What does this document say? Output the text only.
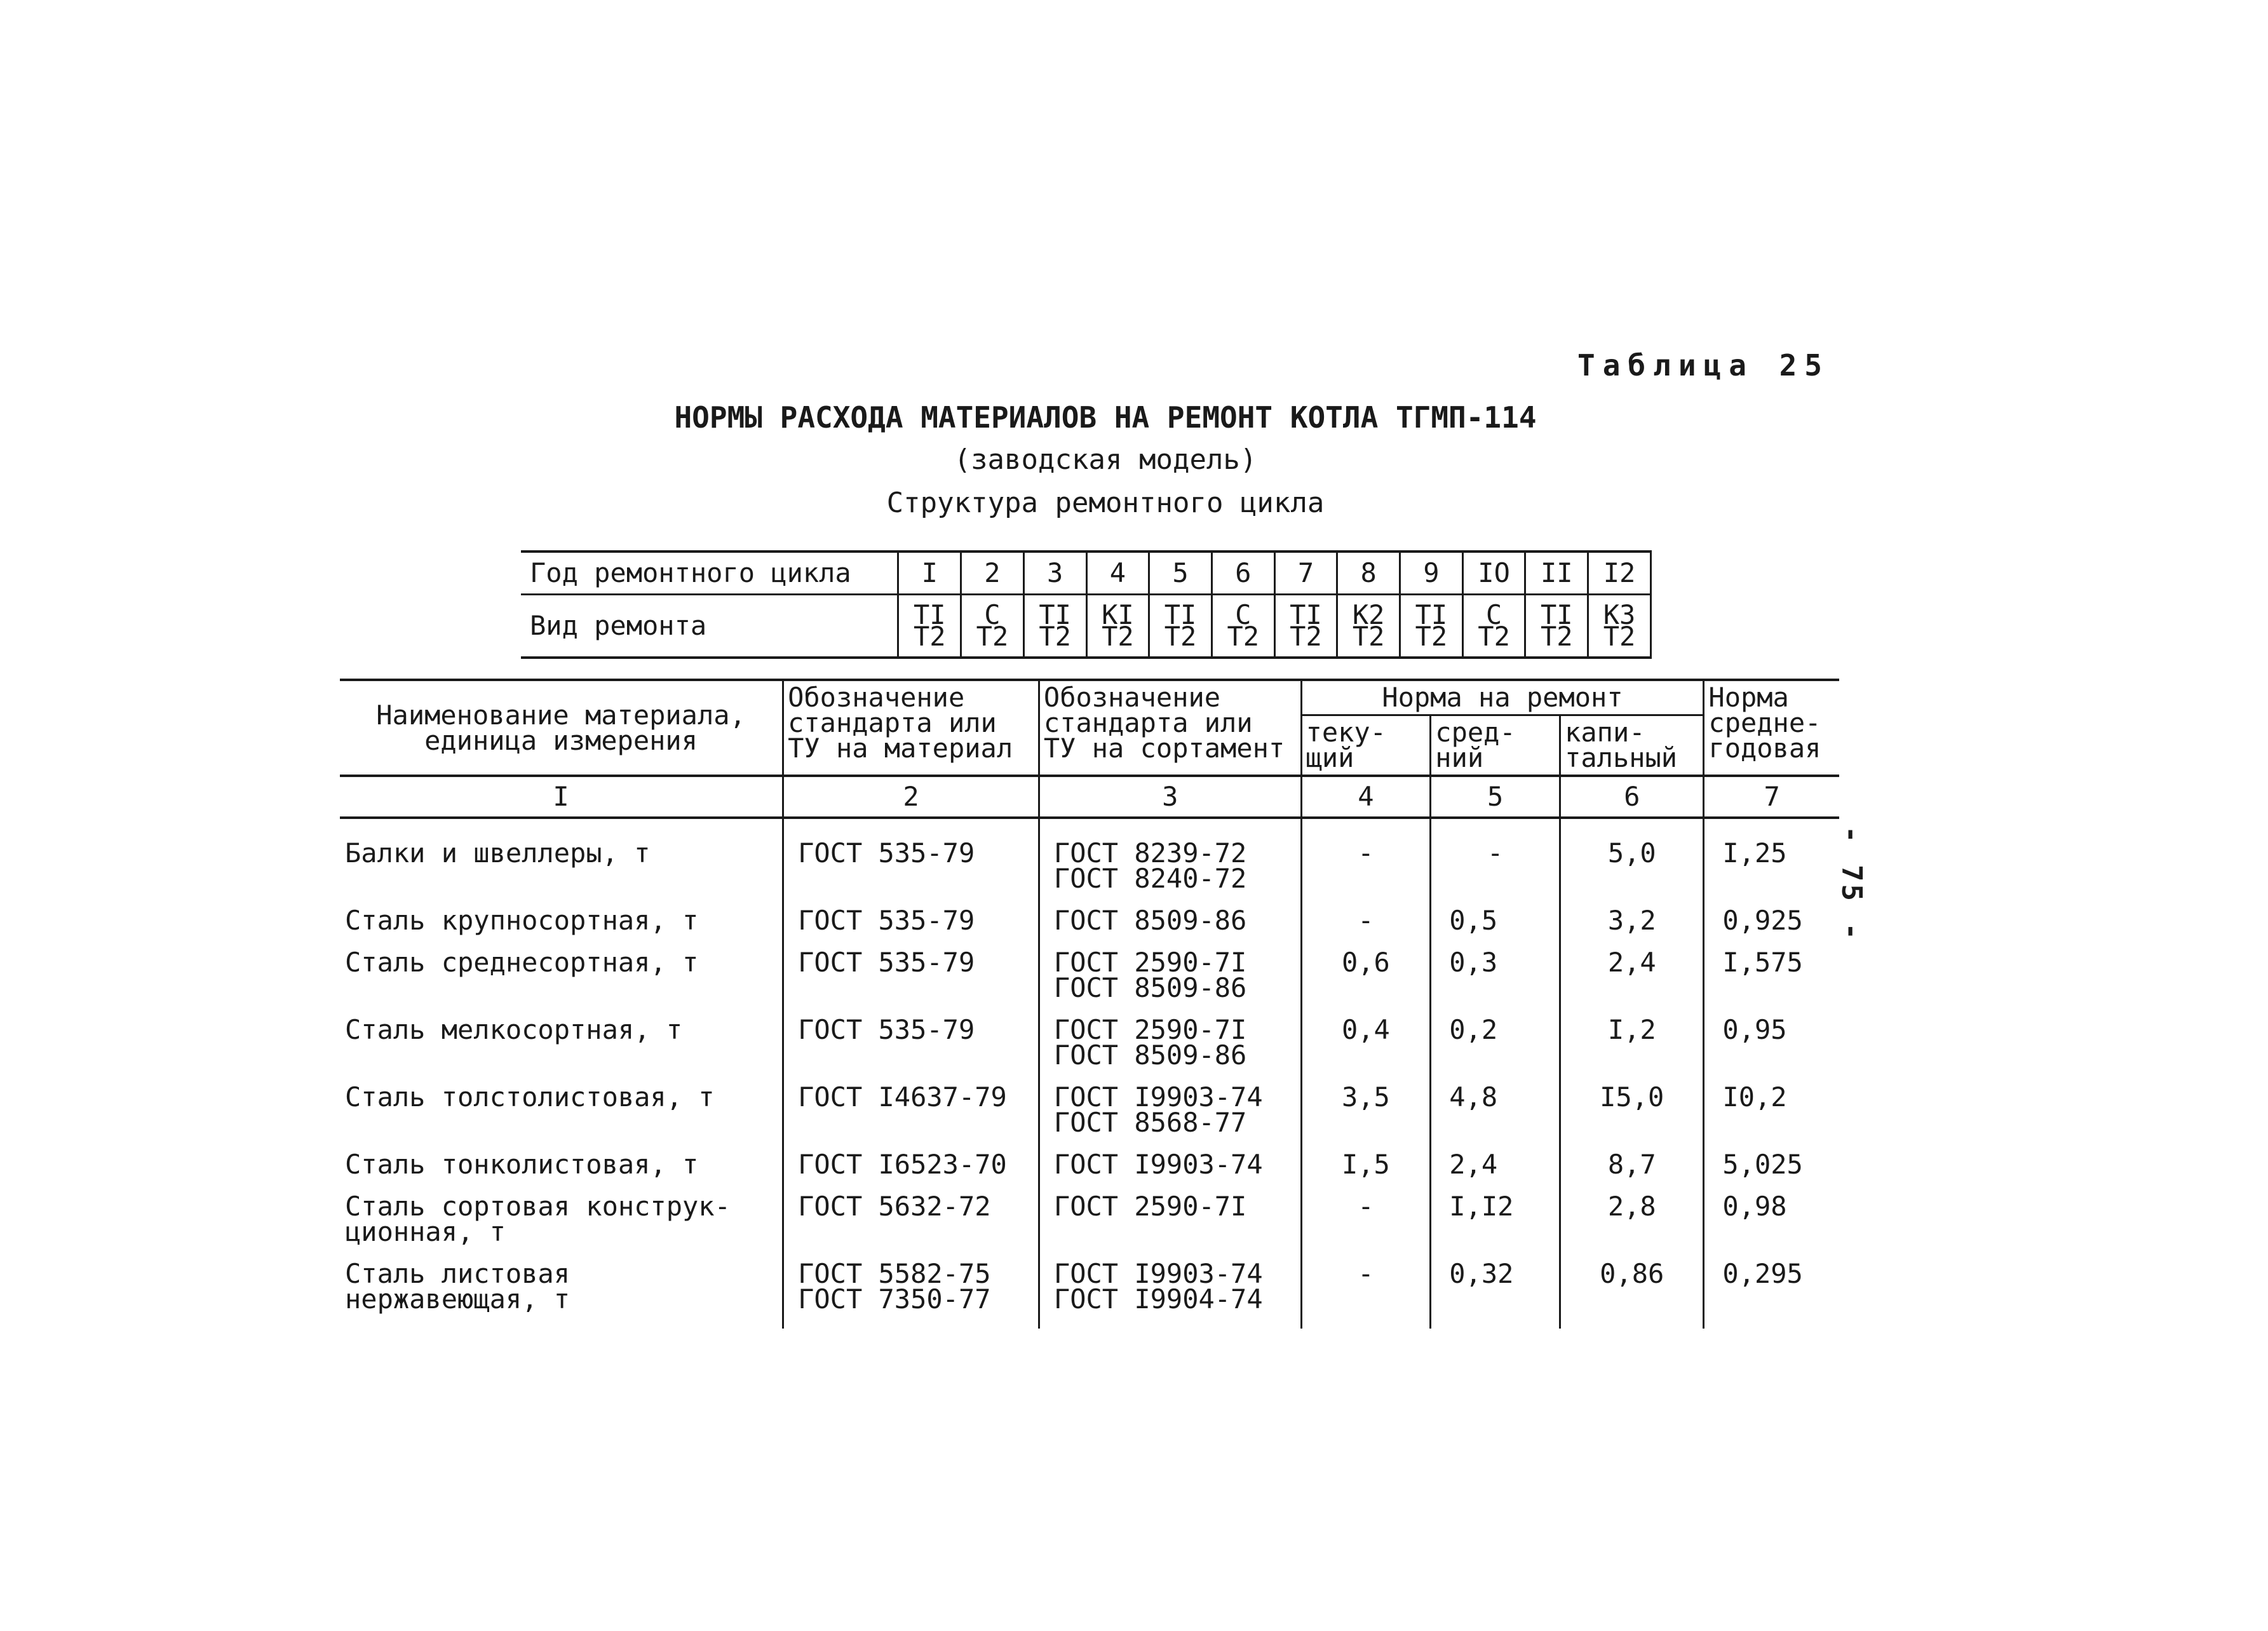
Таблица 25
НОРМЫ РАСХОДА МАТЕРИАЛОВ НА РЕМОНТ КОТЛА ТГМП-114
(заводская модель)
Структура ремонтного цикла
- 75 -
Год ремонтного цикла	I	2	3	4	5	6	7	8	9	IO	II	I2
Вид ремонта	TI T2	C T2	TI T2	KI T2	TI T2	C T2	TI T2	K2 T2	TI T2	C T2	TI T2	K3 T2
Наименование материала, единица измерения	Обозначение стандарта или ТУ на материал	Обозначение стандарта или ТУ на сортамент	Норма на ремонт			Норма средне- годовая
			теку- щий	сред- ний	капи- тальный	
I	2	3	4	5	6	7
Балки и швеллеры, т	ГОСТ 535-79	ГОСТ 8239-72 ГОСТ 8240-72	-	-	5,0	I,25
Сталь крупносортная, т	ГОСТ 535-79	ГОСТ 8509-86	-	0,5	3,2	0,925
Сталь среднесортная, т	ГОСТ 535-79	ГОСТ 2590-7I ГОСТ 8509-86	0,6	0,3	2,4	I,575
Сталь мелкосортная, т	ГОСТ 535-79	ГОСТ 2590-7I ГОСТ 8509-86	0,4	0,2	I,2	0,95
Сталь толстолистовая, т	ГОСТ I4637-79	ГОСТ I9903-74 ГОСТ 8568-77	3,5	4,8	I5,0	I0,2
Сталь тонколистовая, т	ГОСТ I6523-70	ГОСТ I9903-74	I,5	2,4	8,7	5,025
Сталь сортовая конструк- ционная, т	ГОСТ 5632-72	ГОСТ 2590-7I	-	I,I2	2,8	0,98
Сталь листовая нержавеющая, т	ГОСТ 5582-75 ГОСТ 7350-77	ГОСТ I9903-74 ГОСТ I9904-74	-	0,32	0,86	0,295
